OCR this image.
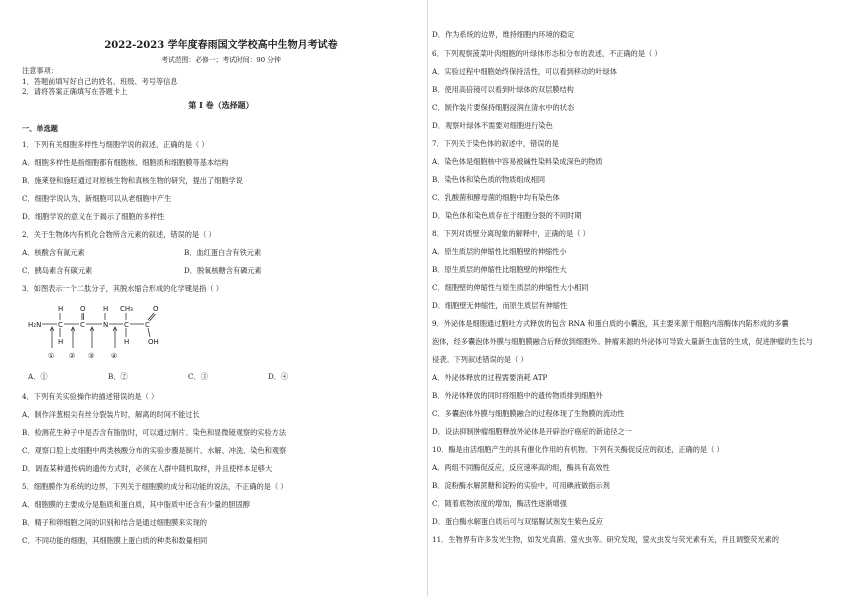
2022-2023 学年度春雨国文学校高中生物月考试卷
考试范围：必修一；考试时间：90 分钟
注意事项：
1．答题前填写好自己的姓名、班级、考号等信息
2．请将答案正确填写在答题卡上
第 I 卷（选择题）
一、单选题
1．下列有关细胞多样性与细胞学说的叙述，正确的是（ ）
A．细胞多样性是指细胞都有细胞核、细胞质和细胞膜等基本结构
B．施莱登和施旺通过对原核生物和真核生物的研究，提出了细胞学说
C．细胞学说认为，新细胞可以从老细胞中产生
D．细胞学说的意义在于揭示了细胞的多样性
2．关于生物体内有机化合物所含元素的叙述，错误的是（ ）
A．核酸含有氮元素	B．血红蛋白含有铁元素
C．胰岛素含有碳元素	D．脱氧核糖含有磷元素
3．如图表示一个二肽分子，其脱水缩合形成的化学键是指（ ）
H O H CH₃
H₂N C C	N C C
O
OH
H	H
① ② ③ ④
A．①	B．②	C．③	D．④
4．下列有关实验操作的描述错误的是（ ）
A．制作洋葱根尖有丝分裂装片时，解离的时间不能过长
B．检测花生种子中是否含有脂肪时，可以通过制片、染色和显微镜观察的实验方法
C．观察口腔上皮细胞中两类核酸分布的实验步骤是制片、水解、冲洗、染色和观察
D．调查某种遗传病的遗传方式时，必须在人群中随机取样，并且使样本足够大
5．细胞膜作为系统的边界，下列关于细胞膜的成分和功能的说法，不正确的是（ ）
A．细胞膜的主要成分是脂质和蛋白质，其中脂质中还含有少量的胆固醇
B．精子和卵细胞之间的识别和结合是通过细胞膜来实现的
C．不同功能的细胞，其细胞膜上蛋白质的种类和数量相同
D．作为系统的边界，维持细胞内环境的稳定
6．下列观察菠菜叶肉细胞的叶绿体形态和分布的表述，不正确的是（ ）
A．实验过程中细胞始终保持活性，可以看到移动的叶绿体
B．使用高倍镜可以看到叶绿体的双层膜结构
C．制作装片要保持细胞浸润在清水中的状态
D．观察叶绿体不需要对细胞进行染色
7．下列关于染色体的叙述中，错误的是
A．染色体是细胞核中容易被碱性染料染成深色的物质
B．染色体和染色质的物质组成相同
C．乳酸菌和酵母菌的细胞中均有染色体
D．染色体和染色质存在于细胞分裂的不同时期
8．下列对质壁分离现象的解释中，正确的是（ ）
A．原生质层的伸缩性比细胞壁的伸缩性小
B．原生质层的伸缩性比细胞壁的伸缩性大
C．细胞壁的伸缩性与原生质层的伸缩性大小相同
D．细胞壁无伸缩性，而原生质层有伸缩性
9．外泌体是细胞通过胞吐方式释放的包含 RNA 和蛋白质的小囊泡，其主要来源于细胞内溶酶体内陷形成的多囊
泡体，经多囊泡体外膜与细胞膜融合后释放到细胞外。肿瘤来源的外泌体可导致大量新生血管的生成，促进肿瘤的生长与
侵袭。下列叙述错误的是（ ）
A．外泌体释放的过程需要消耗 ATP
B．外泌体释放的同时将细胞中的遗传物质排到细胞外
C．多囊泡体外膜与细胞膜融合的过程体现了生物膜的流动性
D．设法抑制肿瘤细胞释放外泌体是开辟治疗癌症的新途径之一
10．酶是由活细胞产生的具有催化作用的有机物。下列有关酶促反应的叙述，正确的是（ ）
A．两组不同酶促反应，反应速率高的组，酶具有高效性
B．淀粉酶水解蔗糖和淀粉的实验中，可用碘液做指示剂
C．随着底物浓度的增加，酶活性逐渐增强
D．蛋白酶水解蛋白质后可与双缩脲试剂发生紫色反应
11．生物界有许多发光生物，如发光真菌、萤火虫等。研究发现，萤火虫发与荧光素有关，并且调整荧光素的
